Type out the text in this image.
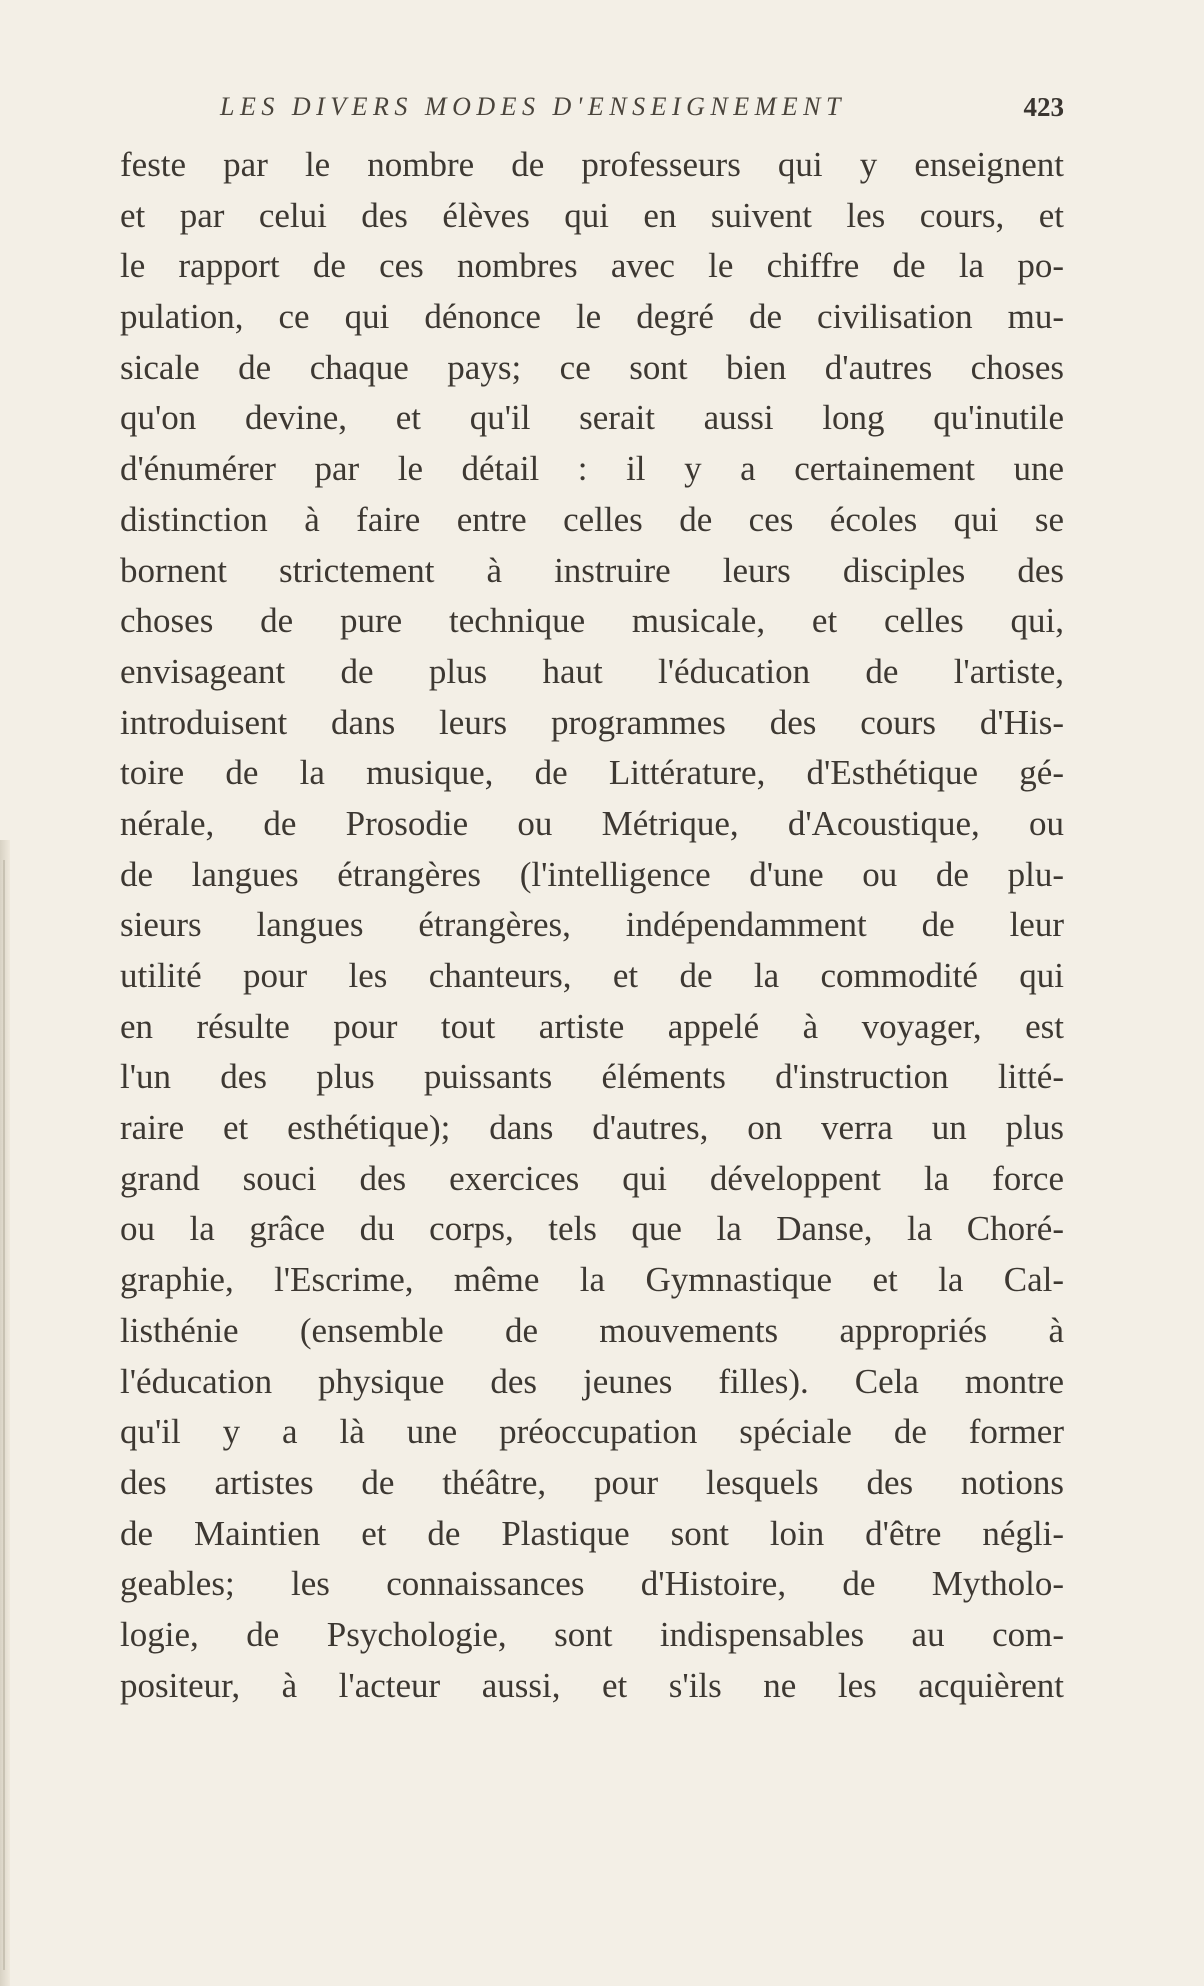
LES DIVERS MODES D'ENSEIGNEMENT	423
feste par le nombre de professeurs qui y enseignent
et par celui des élèves qui en suivent les cours, et
le rapport de ces nombres avec le chiffre de la po-
pulation, ce qui dénonce le degré de civilisation mu-
sicale de chaque pays; ce sont bien d'autres choses
qu'on devine, et qu'il serait aussi long qu'inutile
d'énumérer par le détail : il y a certainement une
distinction à faire entre celles de ces écoles qui se
bornent strictement à instruire leurs disciples des
choses de pure technique musicale, et celles qui,
envisageant de plus haut l'éducation de l'artiste,
introduisent dans leurs programmes des cours d'His-
toire de la musique, de Littérature, d'Esthétique gé-
nérale, de Prosodie ou Métrique, d'Acoustique, ou
de langues étrangères (l'intelligence d'une ou de plu-
sieurs langues étrangères, indépendamment de leur
utilité pour les chanteurs, et de la commodité qui
en résulte pour tout artiste appelé à voyager, est
l'un des plus puissants éléments d'instruction litté-
raire et esthétique); dans d'autres, on verra un plus
grand souci des exercices qui développent la force
ou la grâce du corps, tels que la Danse, la Choré-
graphie, l'Escrime, même la Gymnastique et la Cal-
listhénie (ensemble de mouvements appropriés à
l'éducation physique des jeunes filles). Cela montre
qu'il y a là une préoccupation spéciale de former
des artistes de théâtre, pour lesquels des notions
de Maintien et de Plastique sont loin d'être négli-
geables; les connaissances d'Histoire, de Mytholo-
logie, de Psychologie, sont indispensables au com-
positeur, à l'acteur aussi, et s'ils ne les acquièrent
